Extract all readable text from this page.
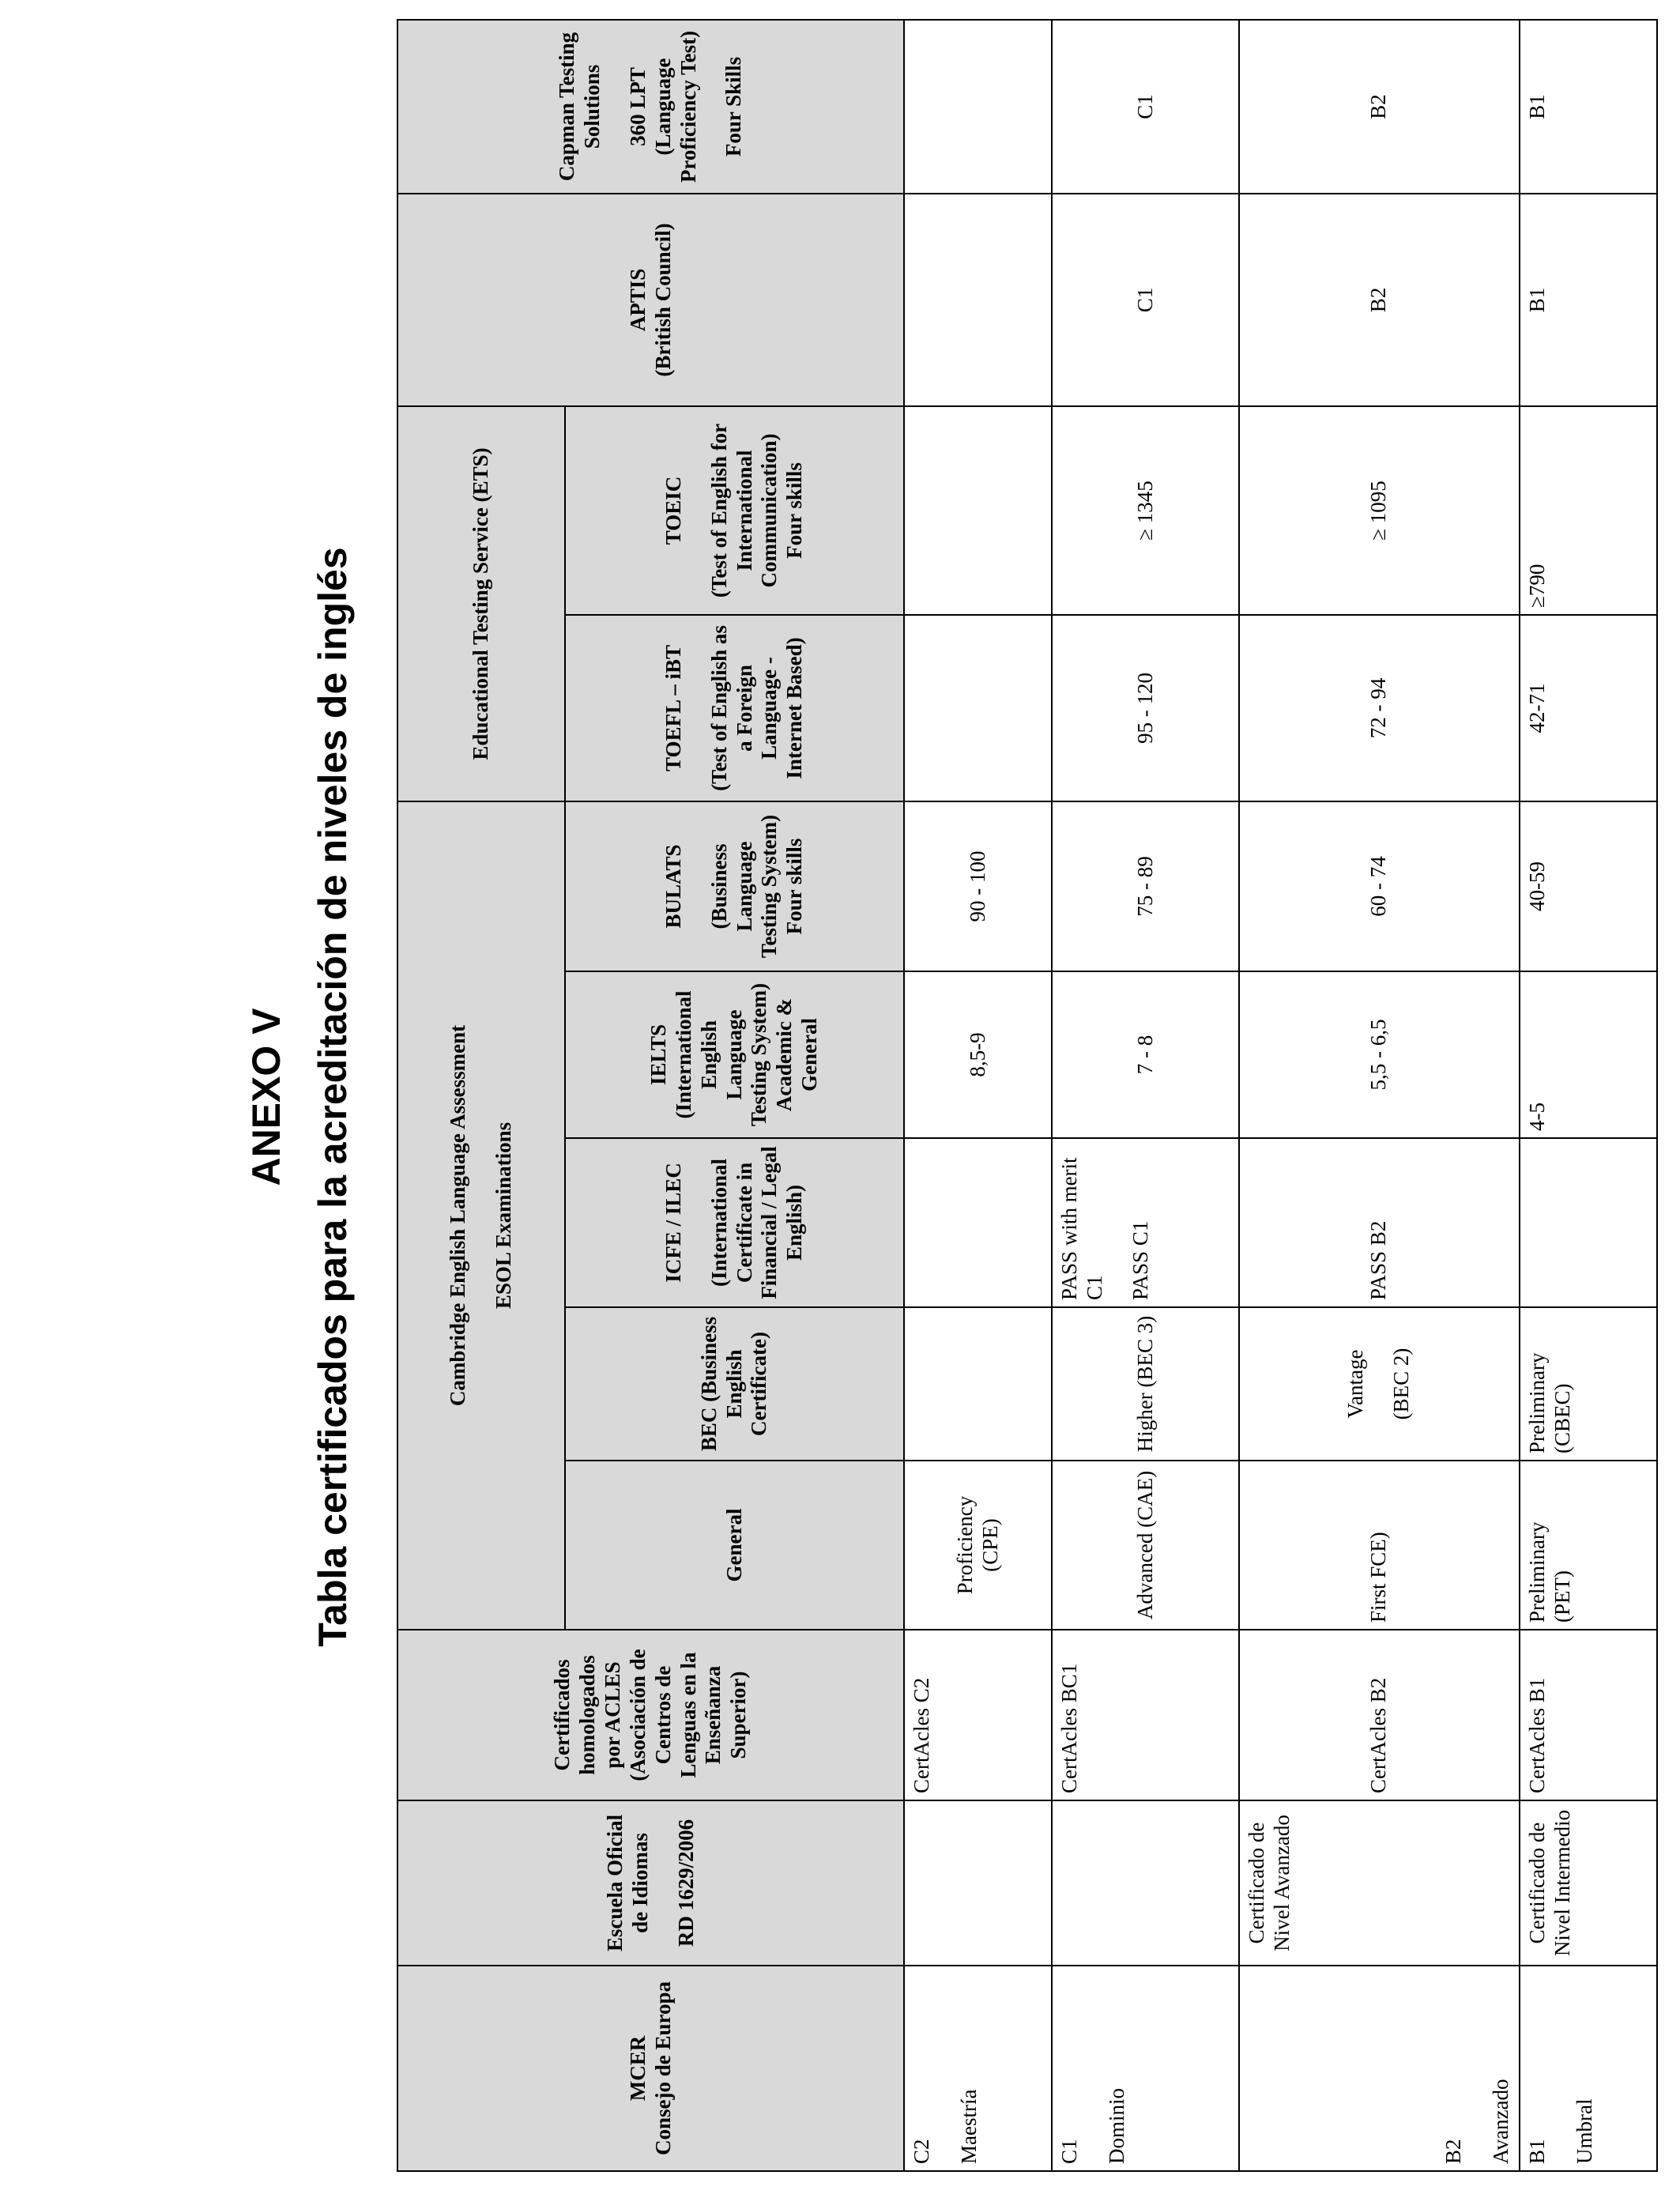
ANEXO V Tabla certificados para la acreditación de niveles de inglés
MCER Consejo de Europa	Escuela Oficial de Idiomas RD 1629/2006	Certificados homologados por ACLES (Asociación de Centros de Lenguas en la Enseñanza Superior)	Cambridge English Language Assessment ESOL Examinations					Educational Testing Service (ETS)		APTIS (British Council)	Capman Testing Solutions 360 LPT (Language Proficiency Test) Four Skills

			General	BEC (Business English Certificate)	ICFE / ILEC (International Certificate in Financial / Legal English)	IELTS (International English Language Testing System) Academic & General	BULATS (Business Language Testing System) Four skills	TOEFL – iBT (Test of English as a Foreign Language - Internet Based)	TOEIC (Test of English for International Communication) Four skills		

C2 Maestría		CertAcles C2	Proficiency (CPE)			8,5-9	90 - 100				

C1 Dominio		CertAcles BC1	Advanced (CAE)	Higher (BEC 3)	PASS with merit C1 PASS C1	7 - 8	75 - 89	95 - 120	≥ 1345	C1	C1

B2 Avanzado	Certificado de Nivel Avanzado	CertAcles B2	First FCE)	Vantage (BEC 2)	PASS B2	5,5 - 6,5	60 - 74	72 - 94	≥ 1095	B2	B2

B1 Umbral	Certificado de Nivel Intermedio	CertAcles B1	Preliminary (PET)	Preliminary (CBEC)		4-5	40-59	42-71	≥790	B1	B1
